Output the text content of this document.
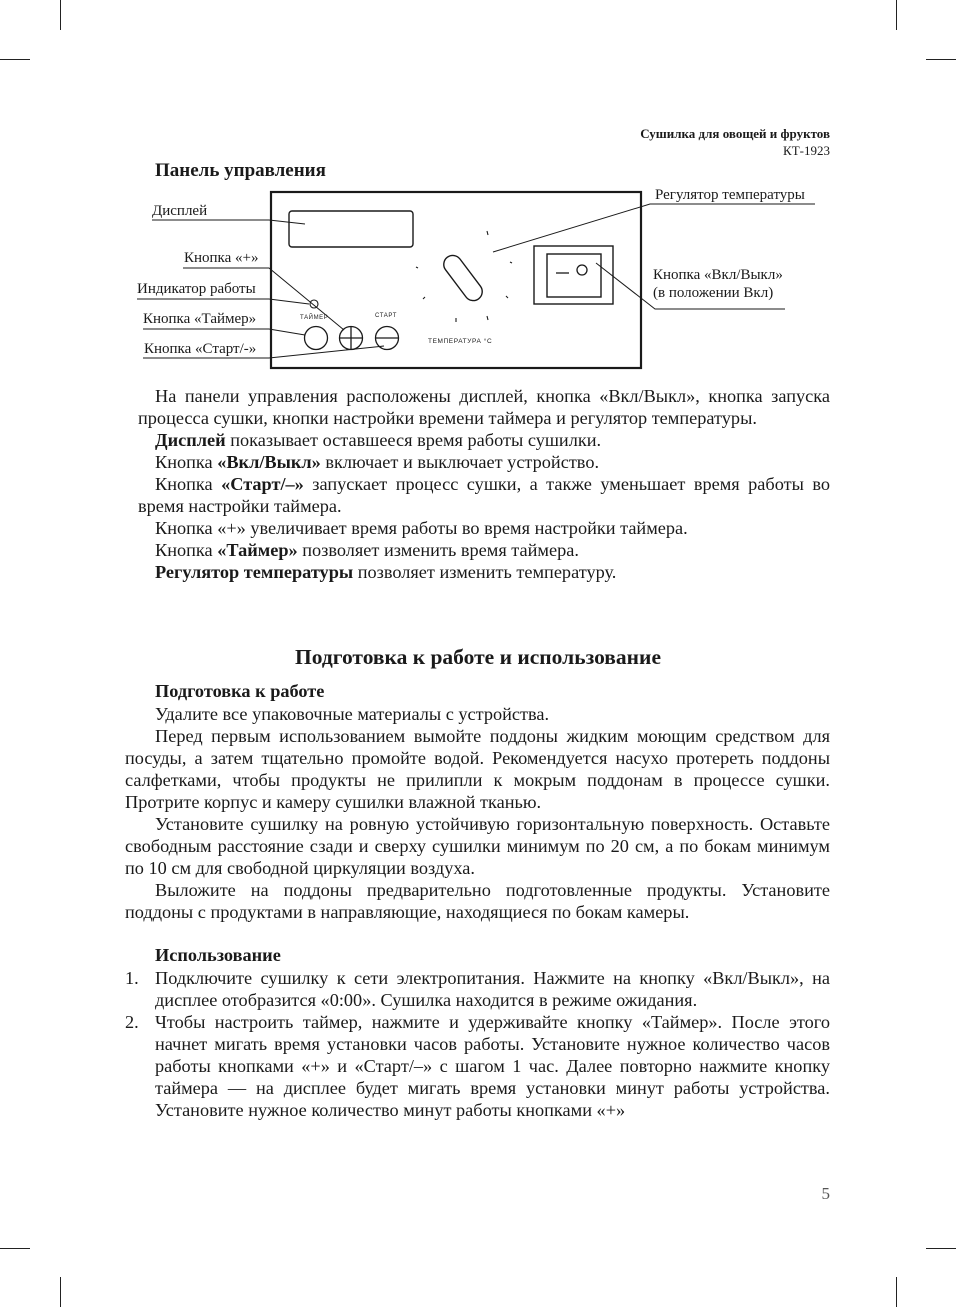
Сушилка для овощей и фруктов
КТ-1923
Панель управления
ТАЙМЕР	СТАРТ
ТЕМПЕРАТУРА °С
Дисплей
Кнопка «+»
Индикатор работы
Кнопка «Таймер»
Кнопка «Старт/-»
Регулятор температуры
Кнопка «Вкл/Выкл»
(в положении Вкл)

На панели управления расположены дисплей, кнопка «Вкл/Выкл», кнопка запуска процесса сушки, кнопки настройки времени таймера и регулятор температуры.

Дисплей показывает оставшееся время работы сушилки.

Кнопка «Вкл/Выкл» включает и выключает устройство.

Кнопка «Старт/–» запускает процесс сушки, а также уменьшает время работы во время настройки таймера.

Кнопка «+» увеличивает время работы во время настройки таймера.

Кнопка «Таймер» позволяет изменить время таймера.

Регулятор температуры позволяет изменить температуру.

Подготовка к работе и использование
Подготовка к работе

Удалите все упаковочные материалы с устройства.

Перед первым использованием вымойте поддоны жидким моющим средством для посуды, а затем тщательно промойте водой. Рекомендуется насухо протереть поддоны салфетками, чтобы продукты не прилипли к мокрым поддонам в процессе сушки. Протрите корпус и камеру сушилки влажной тканью.

Установите сушилку на ровную устойчивую горизонтальную поверхность. Оставьте свободным расстояние сзади и сверху сушилки минимум по 20 см, а по бокам минимум по 10 см для свободной циркуляции воздуха.

Выложите на поддоны предварительно подготовленные продукты. Установите поддоны с продуктами в направляющие, находящиеся по бокам камеры.

Использование
1. Подключите сушилку к сети электропитания. Нажмите на кнопку «Вкл/Выкл», на дисплее отобразится «0:00». Сушилка находится в режиме ожидания.
2. Чтобы настроить таймер, нажмите и удерживайте кнопку «Таймер». После этого начнет мигать время установки часов работы. Установите нужное количество часов работы кнопками «+» и «Старт/–» с шагом 1 час. Далее повторно нажмите кнопку таймера — на дисплее будет мигать время установки минут работы устройства. Установите нужное количество минут работы кнопками «+»
5
